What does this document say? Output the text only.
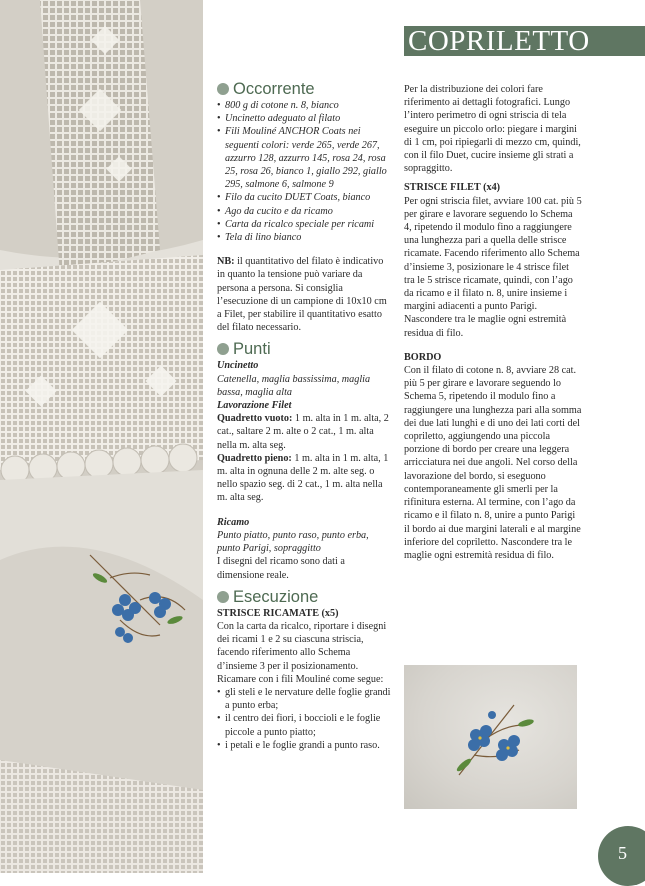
COPRILETTO
Occorrente
• 800 g di cotone n. 8, bianco
• Uncinetto adeguato al filato
• Fili Mouliné ANCHOR Coats nei seguenti colori: verde 265, verde 267, azzurro 128, azzurro 145, rosa 24, rosa 25, rosa 26, bianco 1, giallo 292, giallo 295, salmone 6, salmone 9
• Filo da cucito DUET Coats, bianco
• Ago da cucito e da ricamo
• Carta da ricalco speciale per ricami
• Tela di lino bianco

NB: il quantitativo del filato è indicativo in quanto la tensione può variare da persona a persona. Si consiglia l’esecuzione di un campione di 10x10 cm a Filet, per stabilire il quantitativo esatto del filato necessario.

Punti

Uncinetto

Catenella, maglia bassissima, maglia bassa, maglia alta

Lavorazione Filet

Quadretto vuoto: 1 m. alta in 1 m. alta, 2 cat., saltare 2 m. alte o 2 cat., 1 m. alta nella m. alta seg.

Quadretto pieno: 1 m. alta in 1 m. alta, 1 m. alta in ognuna delle 2 m. alte seg. o nello spazio seg. di 2 cat., 1 m. alta nella m. alta seg.

Ricamo

Punto piatto, punto raso, punto erba, punto Parigi, sopraggitto

I disegni del ricamo sono dati a dimensione reale.

Esecuzione

STRISCE RICAMATE (x5)

Con la carta da ricalco, riportare i disegni dei ricami 1 e 2 su ciascuna striscia, facendo riferimento allo Schema d’insieme 3 per il posizionamento.

Ricamare con i fili Mouliné come segue:

• gli steli e le nervature delle foglie grandi a punto erba;
• il centro dei fiori, i boccioli e le foglie piccole a punto piatto;
• i petali e le foglie grandi a punto raso.

Per la distribuzione dei colori fare riferimento ai dettagli fotografici. Lungo l’intero perimetro di ogni striscia di tela eseguire un piccolo orlo: piegare i margini di 1 cm, poi ripiegarli di mezzo cm, quindi, con il filo Duet, cucire insieme gli strati a sopraggitto.

STRISCE FILET (x4)

Per ogni striscia filet, avviare 100 cat. più 5 per girare e lavorare seguendo lo Schema 4, ripetendo il modulo fino a raggiungere una lunghezza pari a quella delle strisce ricamate. Facendo riferimento allo Schema d’insieme 3, posizionare le 4 strisce filet tra le 5 strisce ricamate, quindi, con l’ago da ricamo e il filato n. 8, unire insieme i margini adiacenti a punto Parigi. Nascondere tra le maglie ogni estremità residua di filo.

BORDO

Con il filato di cotone n. 8, avviare 28 cat. più 5 per girare e lavorare seguendo lo Schema 5, ripetendo il modulo fino a raggiungere una lunghezza pari alla somma dei due lati lunghi e di uno dei lati corti del copriletto, aggiungendo una piccola porzione di bordo per creare una leggera arricciatura nei due angoli. Nel corso della lavorazione del bordo, si eseguono contemporaneamente gli smerli per la rifinitura esterna. Al termine, con l’ago da ricamo e il filato n. 8, unire a punto Parigi il bordo ai due margini laterali e al margine inferiore del copriletto. Nascondere tra le maglie ogni estremità residua di filo.

5
